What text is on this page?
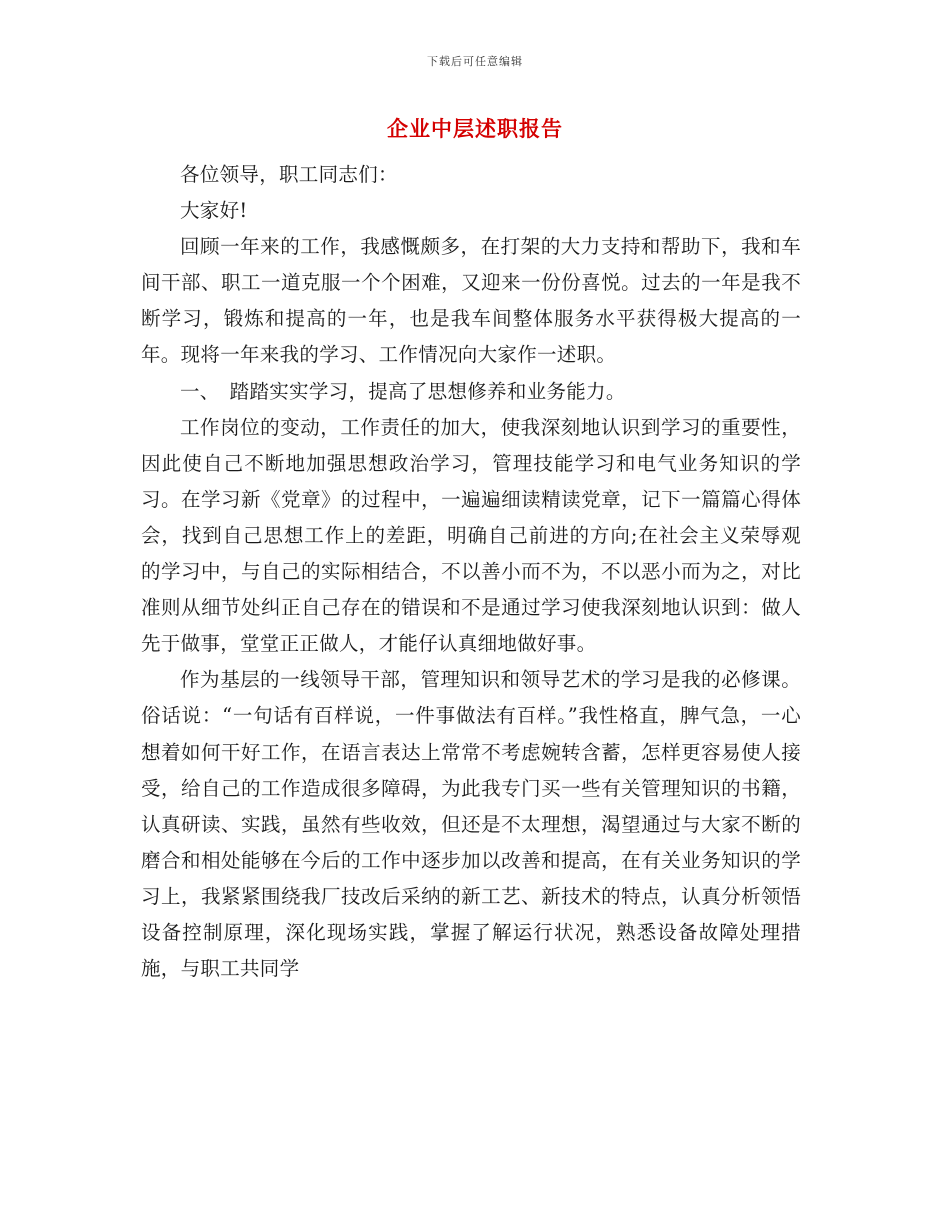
下载后可任意编辑
企业中层述职报告

各位领导，职工同志们：

大家好!

回顾一年来的工作，我感慨颇多，在打架的大力支持和帮助下，我和车间干部、职工一道克服一个个困难，又迎来一份份喜悦。过去的一年是我不断学习，锻炼和提高的一年，也是我车间整体服务水平获得极大提高的一年。现将一年来我的学习、工作情况向大家作一述职。

一、　踏踏实实学习，提高了思想修养和业务能力。

工作岗位的变动，工作责任的加大，使我深刻地认识到学习的重要性，因此使自己不断地加强思想政治学习，管理技能学习和电气业务知识的学习。在学习新《党章》的过程中，一遍遍细读精读党章，记下一篇篇心得体会，找到自己思想工作上的差距，明确自己前进的方向;在社会主义荣辱观的学习中，与自己的实际相结合，不以善小而不为，不以恶小而为之，对比准则从细节处纠正自己存在的错误和不是通过学习使我深刻地认识到：做人先于做事，堂堂正正做人，才能仔认真细地做好事。

作为基层的一线领导干部，管理知识和领导艺术的学习是我的必修课。俗话说：“一句话有百样说，一件事做法有百样。”我性格直，脾气急，一心想着如何干好工作，在语言表达上常常不考虑婉转含蓄，怎样更容易使人接受，给自己的工作造成很多障碍，为此我专门买一些有关管理知识的书籍，认真研读、实践，虽然有些收效，但还是不太理想，渴望通过与大家不断的磨合和相处能够在今后的工作中逐步加以改善和提高，在有关业务知识的学习上，我紧紧围绕我厂技改后采纳的新工艺、新技术的特点，认真分析领悟设备控制原理，深化现场实践，掌握了解运行状况，熟悉设备故障处理措施，与职工共同学
